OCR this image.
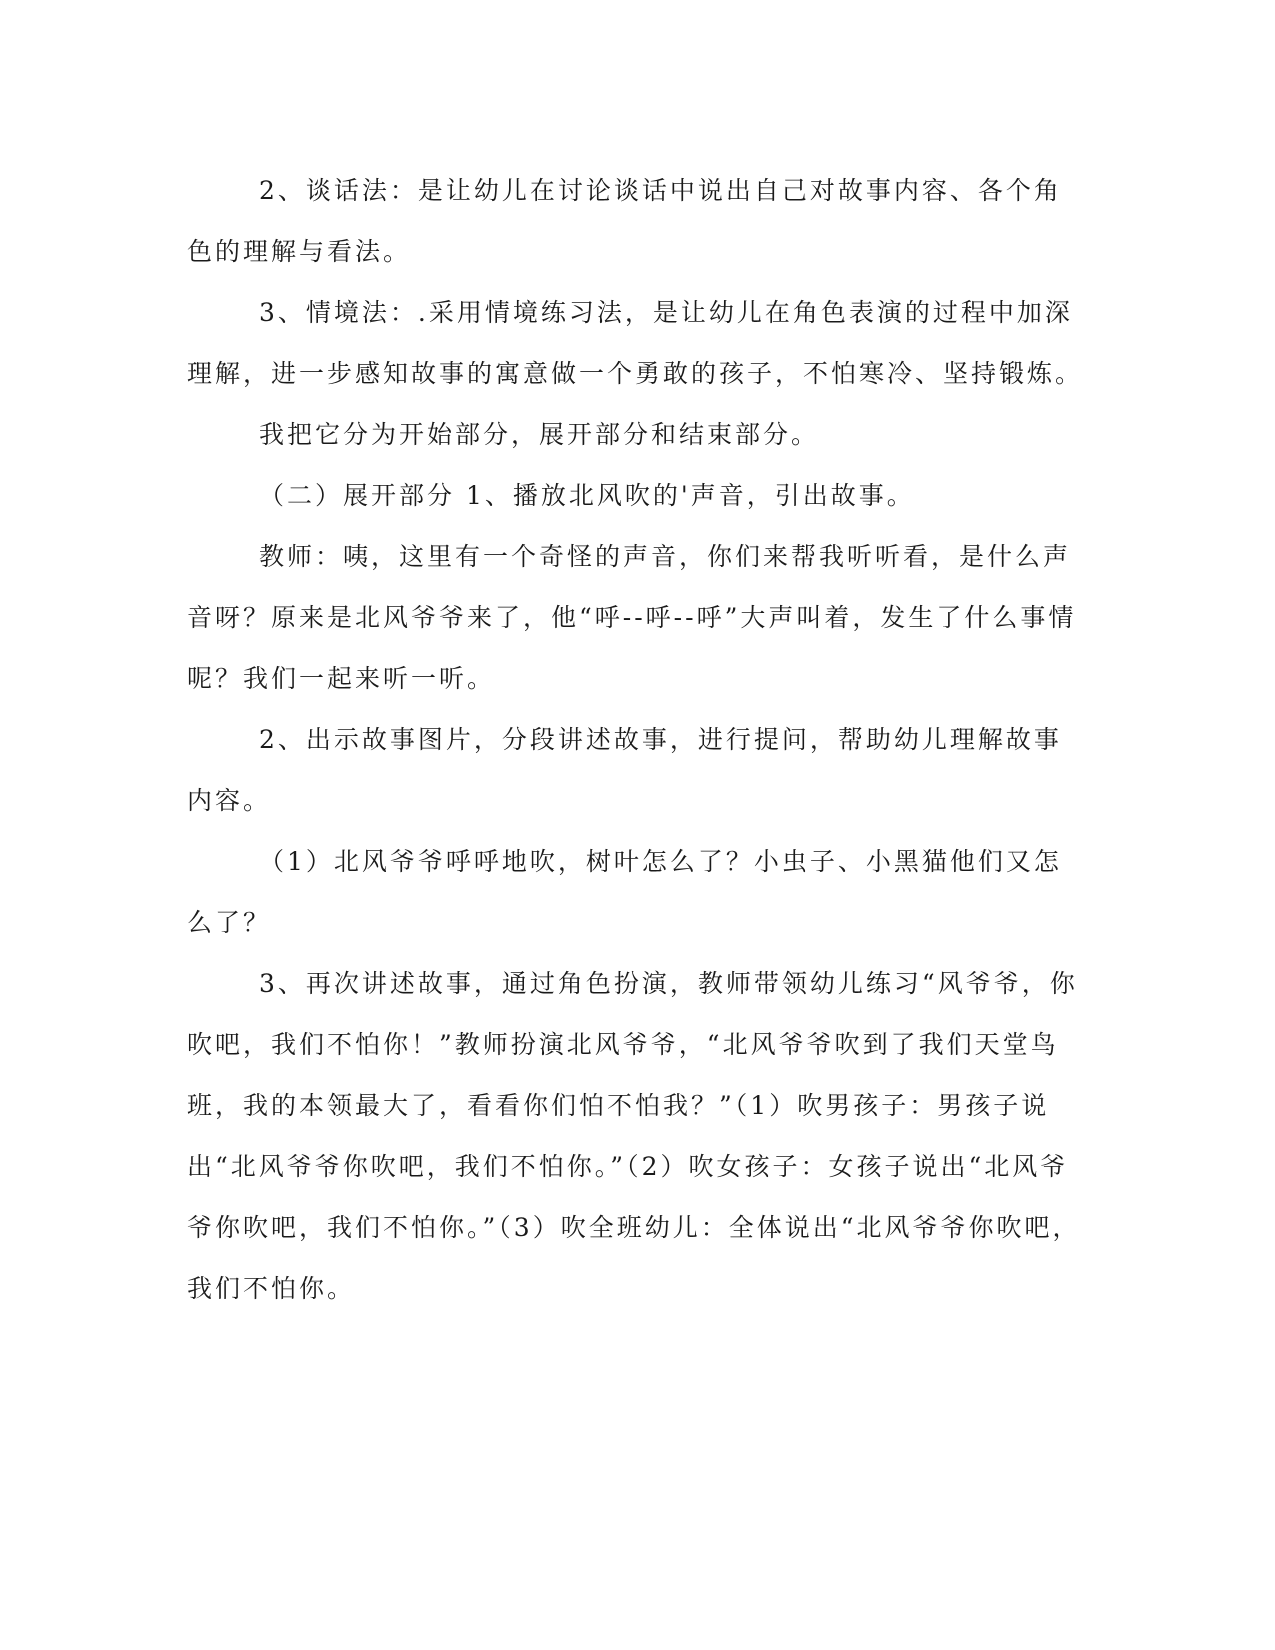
2、谈话法：是让幼儿在讨论谈话中说出自己对故事内容、各个角色的理解与看法。

3、情境法：.采用情境练习法，是让幼儿在角色表演的过程中加深理解，进一步感知故事的寓意做一个勇敢的孩子，不怕寒冷、坚持锻炼。

我把它分为开始部分，展开部分和结束部分。

（二）展开部分 1、播放北风吹的'声音，引出故事。

教师：咦，这里有一个奇怪的声音，你们来帮我听听看，是什么声音呀？原来是北风爷爷来了，他“呼--呼--呼”大声叫着，发生了什么事情呢？我们一起来听一听。

2、出示故事图片，分段讲述故事，进行提问，帮助幼儿理解故事内容。

（1）北风爷爷呼呼地吹，树叶怎么了？小虫子、小黑猫他们又怎么了？

3、再次讲述故事，通过角色扮演，教师带领幼儿练习“风爷爷，你吹吧，我们不怕你！”教师扮演北风爷爷，“北风爷爷吹到了我们天堂鸟班，我的本领最大了，看看你们怕不怕我？”（1）吹男孩子：男孩子说出“北风爷爷你吹吧，我们不怕你。”（2）吹女孩子：女孩子说出“北风爷爷你吹吧，我们不怕你。”（3）吹全班幼儿：全体说出“北风爷爷你吹吧，我们不怕你。
